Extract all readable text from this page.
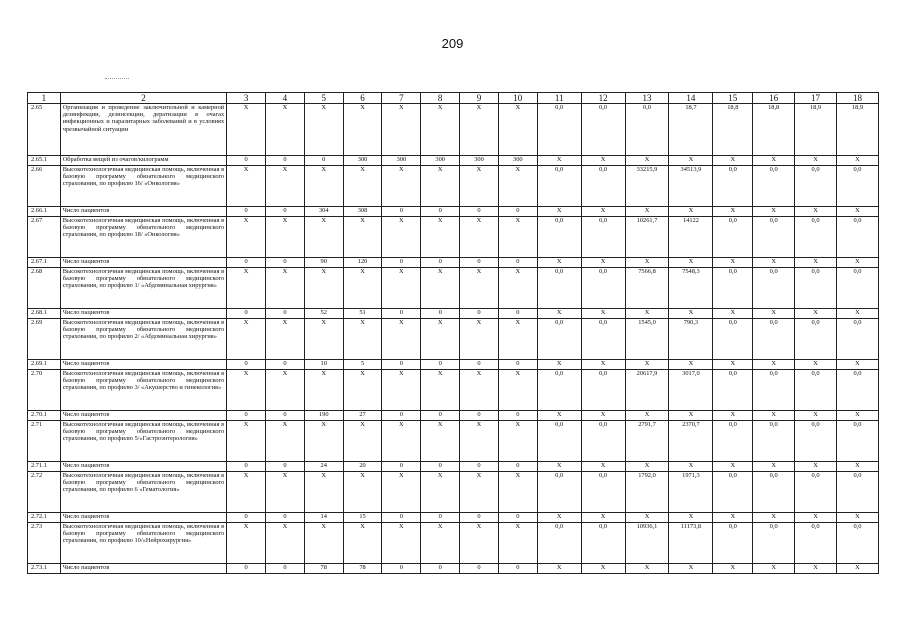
209
1	2	3	4	5	6	7	8	9	10	11	12	13	14	15	16	17	18
2.65	Организация и проведение заключительной и камерной дезинфекции, дезинсекции, дератизации в очагах инфекционных и паразитарных заболеваний и в условиях чрезвычайной ситуации	Х	Х	Х	Х	Х	Х	Х	Х	0,0	0,0	0,0	18,7	18,8	18,8	18,9	18,9
2.65.1	Обработка вещей из очагов/килограмм	0	0	0	300	300	300	300	300	Х	Х	Х	Х	Х	Х	Х	Х
2.66	Высокотехнологичная медицинская помощь, включенная в базовую программу обязательного медицинского страхования, по профилю 16/ «Онкология»	Х	Х	Х	Х	Х	Х	Х	Х	0,0	0,0	33215,9	34513,9	0,0	0,0	0,0	0,0
2.66.1	Число пациентов	0	0	304	308	0	0	0	0	Х	Х	Х	Х	Х	Х	Х	Х
2.67	Высокотехнологичная медицинская помощь, включенная в базовую программу обязательного медицинского страхования, по профилю 18/ «Онкология»	Х	Х	Х	Х	Х	Х	Х	Х	0,0	0,0	10261,7	14122	0,0	0,0	0,0	0,0
2.67.1	Число пациентов	0	0	90	120	0	0	0	0	Х	Х	Х	Х	Х	Х	Х	Х
2.68	Высокотехнологичная медицинская помощь, включенная в базовую программу обязательного медицинского страхования, по профилю 1/ «Абдоминальная хирургия»	Х	Х	Х	Х	Х	Х	Х	Х	0,0	0,0	7566,8	7548,3	0,0	0,0	0,0	0,0
2.68.1	Число пациентов	0	0	52	51	0	0	0	0	Х	Х	Х	Х	Х	Х	Х	Х
2.69	Высокотехнологичная медицинская помощь, включенная в базовую программу обязательного медицинского страхования, по профилю 2/ «Абдоминальная хирургия»	Х	Х	Х	Х	Х	Х	Х	Х	0,0	0,0	1545,0	790,3	0,0	0,0	0,0	0,0
2.69.1	Число пациентов	0	0	10	5	0	0	0	0	Х	Х	Х	Х	Х	Х	Х	Х
2.70	Высокотехнологичная медицинская помощь, включенная в базовую программу обязательного медицинского страхования, по профилю 3/ «Акушерство и гинекология»	Х	Х	Х	Х	Х	Х	Х	Х	0,0	0,0	20617,9	3017,0	0,0	0,0	0,0	0,0
2.70.1	Число пациентов	0	0	190	27	0	0	0	0	Х	Х	Х	Х	Х	Х	Х	Х
2.71	Высокотехнологичная медицинская помощь, включенная в базовую программу обязательного медицинского страхования, по профилю 5/«Гастроэнтерология»	Х	Х	Х	Х	Х	Х	Х	Х	0,0	0,0	2791,7	2370,7	0,0	0,0	0,0	0,0
2.71.1	Число пациентов	0	0	24	20	0	0	0	0	Х	Х	Х	Х	Х	Х	Х	Х
2.72	Высокотехнологичная медицинская помощь, включенная в базовую программу обязательного медицинского страхования, по профилю 6 «Гематология»	Х	Х	Х	Х	Х	Х	Х	Х	0,0	0,0	1792,0	1971,3	0,0	0,0	0,0	0,0
2.72.1	Число пациентов	0	0	14	15	0	0	0	0	Х	Х	Х	Х	Х	Х	Х	Х
2.73	Высокотехнологичная медицинская помощь, включенная в базовую программу обязательного медицинского страхования, по профилю 10/«Нейрохирургия»	Х	Х	Х	Х	Х	Х	Х	Х	0,0	0,0	10936,1	11173,8	0,0	0,0	0,0	0,0
2.73.1	Число пациентов	0	0	78	78	0	0	0	0	Х	Х	Х	Х	Х	Х	Х	Х
